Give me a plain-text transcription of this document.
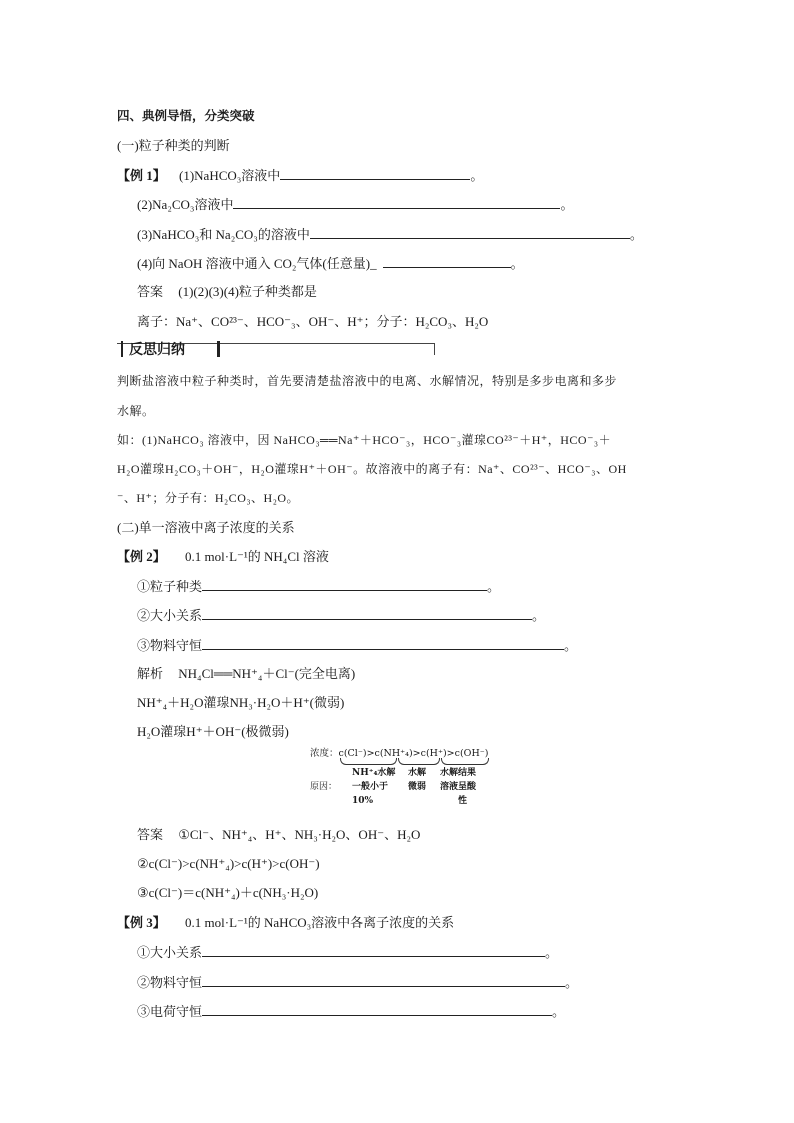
四、典例导悟，分类突破
(一)粒子种类的判断
【例 1】 (1)NaHCO₃溶液中	。
(2)Na₂CO₃溶液中	。
(3)NaHCO₃和 Na₂CO₃的溶液中	。
(4)向 NaOH 溶液中通入 CO₂气体(任意量)_	。
答案 (1)(2)(3)(4)粒子种类都是
离子：Na⁺、CO²³⁻、HCO⁻₃、OH⁻、H⁺；分子：H₂CO₃、H₂O
反思归纳
判断盐溶液中粒子种类时，首先要清楚盐溶液中的电离、水解情况，特别是多步电离和多步
水解。
如：(1)NaHCO₃ 溶液中，因 NaHCO₃══Na⁺＋HCO⁻₃，HCO⁻₃灌瑔CO²³⁻＋H⁺，HCO⁻₃＋
H₂O灌瑔H₂CO₃＋OH⁻，H₂O灌瑔H⁺＋OH⁻。故溶液中的离子有：Na⁺、CO²³⁻、HCO⁻₃、OH
⁻、H⁺；分子有：H₂CO₃、H₂O。
(二)单一溶液中离子浓度的关系
【例 2】 0.1 mol·L⁻¹的 NH₄Cl 溶液
①粒子种类	。
②大小关系	。
③物料守恒	。
解析 NH₄Cl══NH⁺₄＋Cl⁻(完全电离)
NH⁺₄＋H₂O灌瑔NH₃·H₂O＋H⁺(微弱)
H₂O灌瑔H⁺＋OH⁻(极微弱)
浓度：c(Cl⁻)>c(NH⁺₄)>c(H⁺)>c(OH⁻)
NH⁺₄水解
一般小于
10%
原因：
水解
微弱
水解结果
溶液呈酸
性
答案 ①Cl⁻、NH⁺₄、H⁺、NH₃·H₂O、OH⁻、H₂O
②c(Cl⁻)>c(NH⁺₄)>c(H⁺)>c(OH⁻)
③c(Cl⁻)＝c(NH⁺₄)＋c(NH₃·H₂O)
【例 3】 0.1 mol·L⁻¹的 NaHCO₃溶液中各离子浓度的关系
①大小关系	。
②物料守恒	。
③电荷守恒	。
